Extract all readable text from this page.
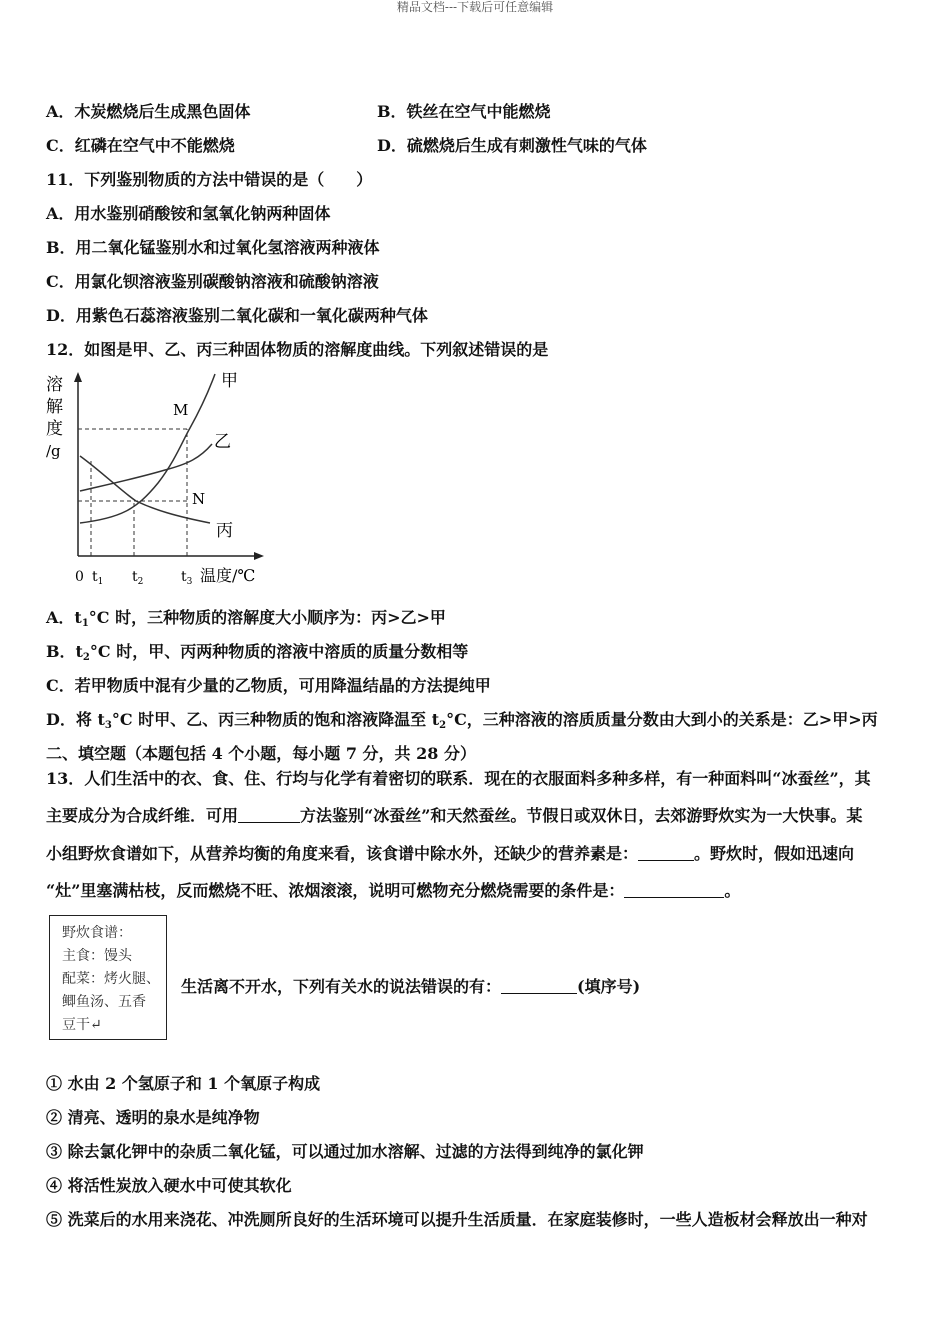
精品文档---下载后可任意编辑
A．木炭燃烧后生成黑色固体	B．铁丝在空气中能燃烧
C．红磷在空气中不能燃烧	D．硫燃烧后生成有刺激性气味的气体
11．下列鉴别物质的方法中错误的是（　　）
A．用水鉴别硝酸铵和氢氧化钠两种固体
B．用二氧化锰鉴别水和过氧化氢溶液两种液体
C．用氯化钡溶液鉴别碳酸钠溶液和硫酸钠溶液
D．用紫色石蕊溶液鉴别二氧化碳和一氧化碳两种气体
12．如图是甲、乙、丙三种固体物质的溶解度曲线。下列叙述错误的是
溶
解
度
/g
甲
乙
丙
M
N
0 $t_1$ $t_2$	$t_3$ 温度/℃
A．$t_1^\circ C$ 时，三种物质的溶解度大小顺序为：丙>乙>甲
B．$t_2^\circ C$ 时，甲、丙两种物质的溶液中溶质的质量分数相等
C．若甲物质中混有少量的乙物质，可用降温结晶的方法提纯甲
D．将 $t_3^\circ C$ 时甲、乙、丙三种物质的饱和溶液降温至 $t_2^\circ C$，三种溶液的溶质质量分数由大到小的关系是：乙>甲>丙
二、填空题（本题包括 4 个小题，每小题 7 分，共 28 分）
13．人们生活中的衣、食、住、行均与化学有着密切的联系．现在的衣服面料多种多样，有一种面料叫“冰蚕丝”，其
主要成分为合成纤维．可用	方法鉴别“冰蚕丝”和天然蚕丝。节假日或双休日，去郊游野炊实为一大快事。某
小组野炊食谱如下，从营养均衡的角度来看，该食谱中除水外，还缺少的营养素是：	。野炊时，假如迅速向
“灶”里塞满枯枝，反而燃烧不旺、浓烟滚滚，说明可燃物充分燃烧需要的条件是：	。
野炊食谱：
主食：馒头
配菜：烤火腿、
鲫鱼汤、五香
豆干↵
生活离不开水，下列有关水的说法错误的有：	(填序号)
① 水由 2 个氢原子和 1 个氧原子构成
② 清亮、透明的泉水是纯净物
③ 除去氯化钾中的杂质二氧化锰，可以通过加水溶解、过滤的方法得到纯净的氯化钾
④ 将活性炭放入硬水中可使其软化
⑤ 洗菜后的水用来浇花、冲洗厕所良好的生活环境可以提升生活质量．在家庭装修时，一些人造板材会释放出一种对
